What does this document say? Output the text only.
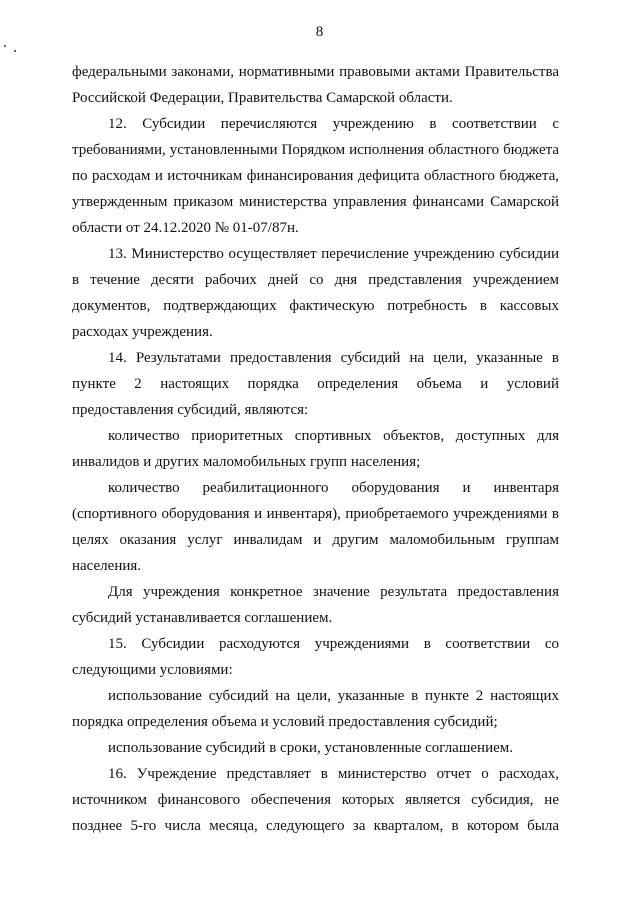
8

федеральными законами, нормативными правовыми актами Правительства Российской Федерации, Правительства Самарской области.

12. Субсидии перечисляются учреждению в соответствии с требованиями, установленными Порядком исполнения областного бюджета по расходам и источникам финансирования дефицита областного бюджета, утвержденным приказом министерства управления финансами Самарской области от 24.12.2020 № 01-07/87н.

13. Министерство осуществляет перечисление учреждению субсидии в течение десяти рабочих дней со дня представления учреждением документов, подтверждающих фактическую потребность в кассовых расходах учреждения.

14. Результатами предоставления субсидий на цели, указанные в пункте 2 настоящих порядка определения объема и условий предоставления субсидий, являются:

количество приоритетных спортивных объектов, доступных для инвалидов и других маломобильных групп населения;

количество реабилитационного оборудования и инвентаря (спортивного оборудования и инвентаря), приобретаемого учреждениями в целях оказания услуг инвалидам и другим маломобильным группам населения.

Для учреждения конкретное значение результата предоставления субсидий устанавливается соглашением.

15. Субсидии расходуются учреждениями в соответствии со следующими условиями:

использование субсидий на цели, указанные в пункте 2 настоящих порядка определения объема и условий предоставления субсидий;

использование субсидий в сроки, установленные соглашением.

16. Учреждение представляет в министерство отчет о расходах, источником финансового обеспечения которых является субсидия, не позднее 5-го числа месяца, следующего за кварталом, в котором была
